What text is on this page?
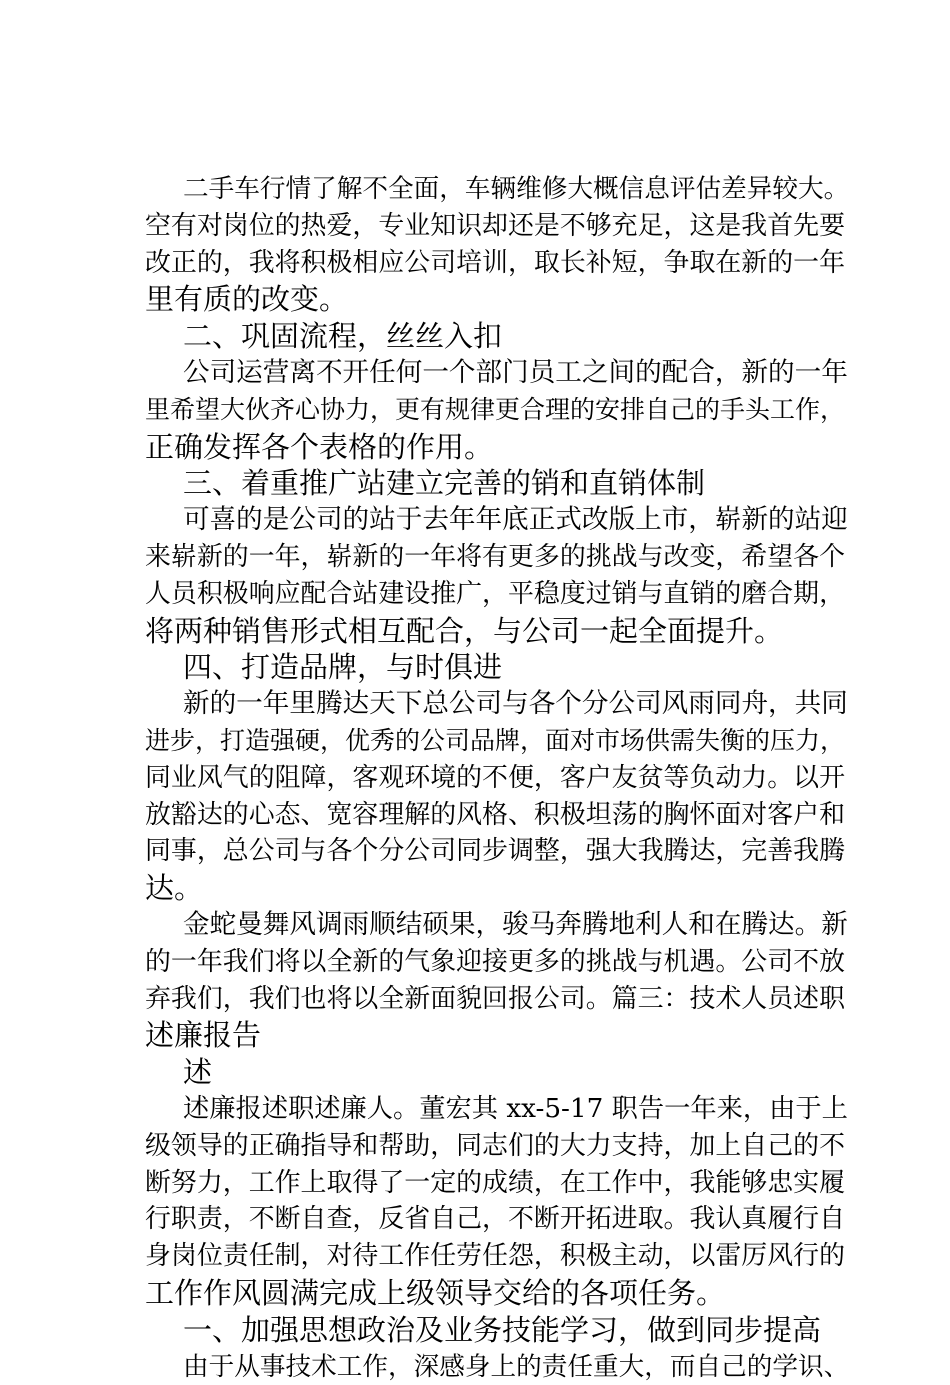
二手车行情了解不全面，车辆维修大概信息评估差异较大。
空有对岗位的热爱，专业知识却还是不够充足，这是我首先要
改正的，我将积极相应公司培训，取长补短，争取在新的一年
里有质的改变。
二、巩固流程，丝丝入扣
公司运营离不开任何一个部门员工之间的配合，新的一年
里希望大伙齐心协力，更有规律更合理的安排自己的手头工作，
正确发挥各个表格的作用。
三、着重推广站建立完善的销和直销体制
可喜的是公司的站于去年年底正式改版上市，崭新的站迎
来崭新的一年，崭新的一年将有更多的挑战与改变，希望各个
人员积极响应配合站建设推广，平稳度过销与直销的磨合期，
将两种销售形式相互配合，与公司一起全面提升。
四、打造品牌，与时俱进
新的一年里腾达天下总公司与各个分公司风雨同舟，共同
进步，打造强硬，优秀的公司品牌，面对市场供需失衡的压力，
同业风气的阻障，客观环境的不便，客户友贫等负动力。以开
放豁达的心态、宽容理解的风格、积极坦荡的胸怀面对客户和
同事，总公司与各个分公司同步调整，强大我腾达，完善我腾
达。
金蛇曼舞风调雨顺结硕果，骏马奔腾地利人和在腾达。新
的一年我们将以全新的气象迎接更多的挑战与机遇。公司不放
弃我们，我们也将以全新面貌回报公司。篇三：技术人员述职
述廉报告
述
述廉报述职述廉人。董宏其 xx-5-17 职告一年来，由于上
级领导的正确指导和帮助，同志们的大力支持，加上自己的不
断努力，工作上取得了一定的成绩，在工作中，我能够忠实履
行职责，不断自查，反省自己，不断开拓进取。我认真履行自
身岗位责任制，对待工作任劳任怨，积极主动，以雷厉风行的
工作作风圆满完成上级领导交给的各项任务。
一、加强思想政治及业务技能学习，做到同步提高
由于从事技术工作，深感身上的责任重大，而自己的学识、
